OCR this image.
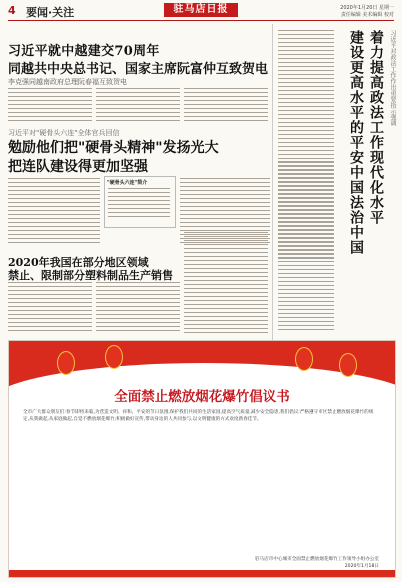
4 要闻·关注	驻马店日报	2020年1月20日 星期一
责任编辑 美术编辑 校对
习近平就中越建交70周年
同越共中央总书记、国家主席阮富仲互致贺电
李克强同越南政府总理阮春福互致贺电
习近平对"硬骨头六连"全体官兵回信
勉励他们把"硬骨头精神"发扬光大
把连队建设得更加坚强
"硬骨头六连"简介
2020年我国在部分地区领域
禁止、限制部分塑料制品生产销售
着力提高政法工作现代化水平
建设更高水平的平安中国法治中国	习近平对政法工作作出重要指示强调
全面禁止燃放烟花爆竹倡议书
全市广大群众朋友们:春节即将来临,为营造文明、祥和、平安的节日氛围,保护我们共同的生活家园,提高空气质量,减少安全隐患,我们倡议:严格遵守市区禁止燃放烟花爆竹的规定,从我做起,从家庭做起,自觉不燃放烟花爆竹;积极做好宣传,带动身边的人共同参与,以文明健康的方式欢度新春佳节。
驻马店市中心城市全面禁止燃放烟花爆竹工作领导小组办公室
2020年1月18日
